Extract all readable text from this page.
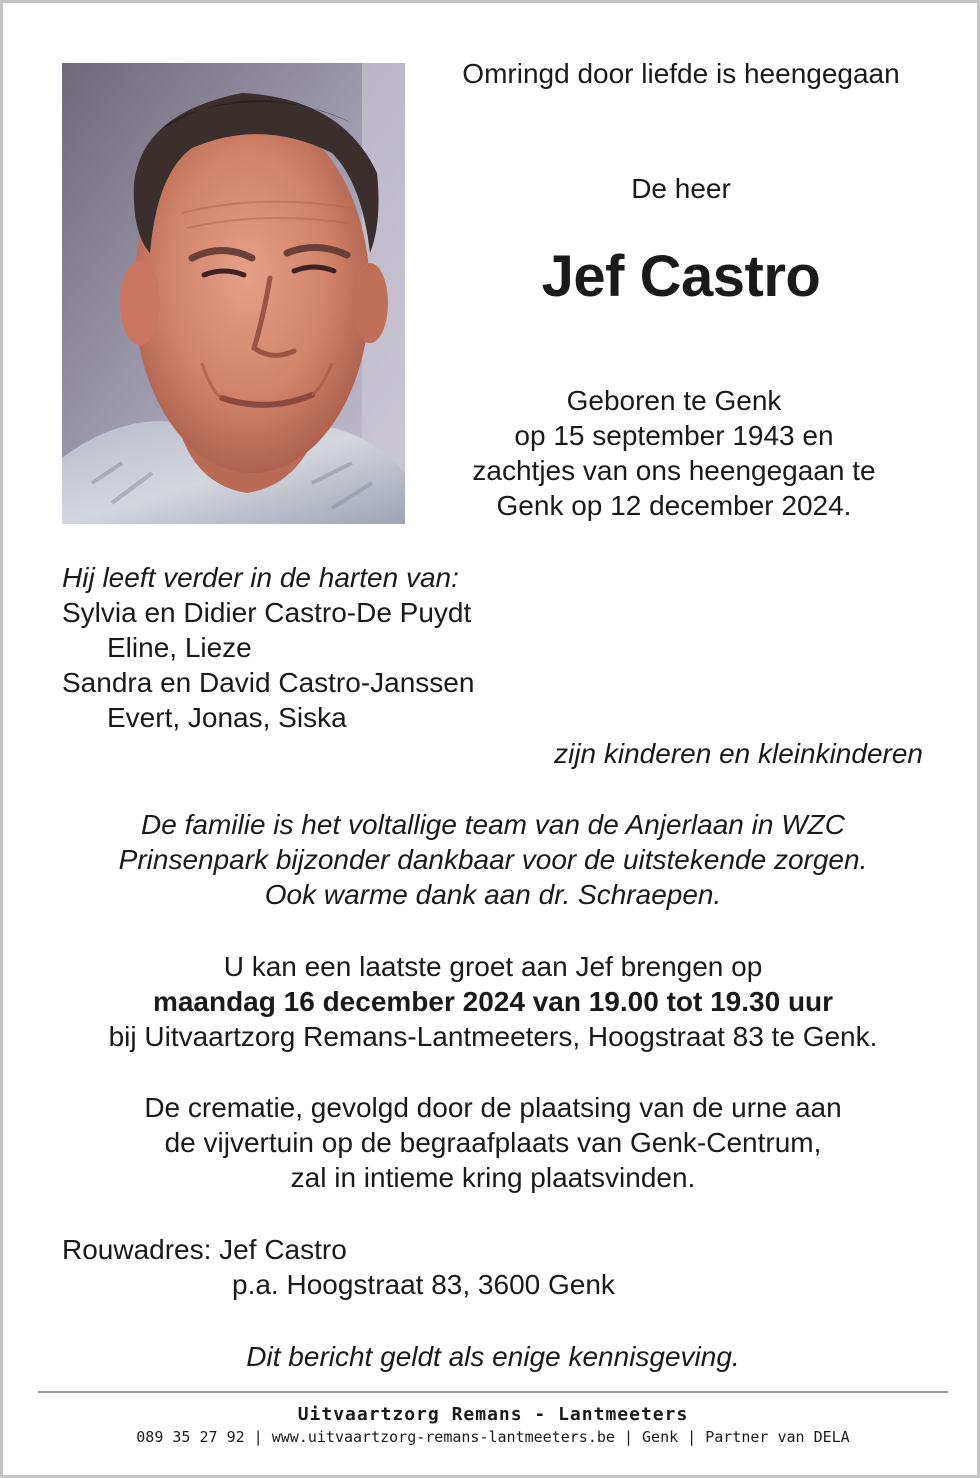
Omringd door liefde is heengegaan

De heer

Jef Castro

Geboren te Genk

op 15 september 1943 en

zachtjes van ons heengegaan te

Genk op 12 december 2024.

Hij leeft verder in de harten van:

Sylvia en Didier Castro-De Puydt

Eline, Lieze

Sandra en David Castro-Janssen

Evert, Jonas, Siska

zijn kinderen en kleinkinderen

De familie is het voltallige team van de Anjerlaan in WZC

Prinsenpark bijzonder dankbaar voor de uitstekende zorgen.

Ook warme dank aan dr. Schraepen.

U kan een laatste groet aan Jef brengen op

maandag 16 december 2024 van 19.00 tot 19.30 uur

bij Uitvaartzorg Remans-Lantmeeters, Hoogstraat 83 te Genk.

De crematie, gevolgd door de plaatsing van de urne aan

de vijvertuin op de begraafplaats van Genk-Centrum,

zal in intieme kring plaatsvinden.

Rouwadres: Jef Castro

p.a. Hoogstraat 83, 3600 Genk

Dit bericht geldt als enige kennisgeving.

Uitvaartzorg Remans - Lantmeeters

089 35 27 92 | www.uitvaartzorg-remans-lantmeeters.be | Genk | Partner van DELA
